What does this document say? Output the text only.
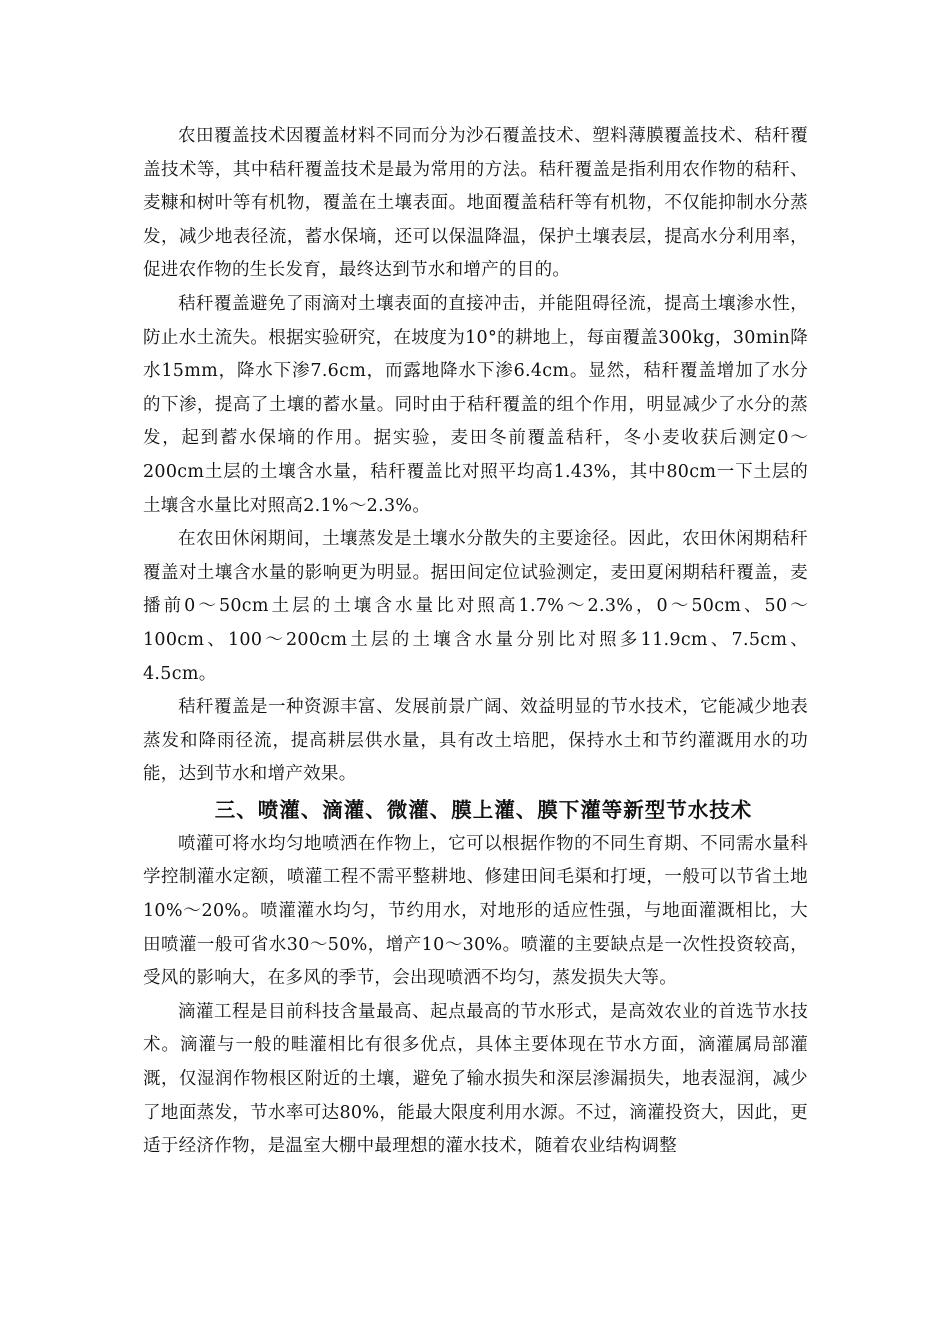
农田覆盖技术因覆盖材料不同而分为沙石覆盖技术、塑料薄膜覆盖技术、秸秆覆盖技术等，其中秸秆覆盖技术是最为常用的方法。秸秆覆盖是指利用农作物的秸秆、麦糠和树叶等有机物，覆盖在土壤表面。地面覆盖秸秆等有机物，不仅能抑制水分蒸发，减少地表径流，蓄水保墒，还可以保温降温，保护土壤表层，提高水分利用率，促进农作物的生长发育，最终达到节水和增产的目的。

秸秆覆盖避免了雨滴对土壤表面的直接冲击，并能阻碍径流，提高土壤渗水性，防止水土流失。根据实验研究，在坡度为10°的耕地上，每亩覆盖300kg，30min降水15mm，降水下渗7.6cm，而露地降水下渗6.4cm。显然，秸秆覆盖增加了水分的下渗，提高了土壤的蓄水量。同时由于秸秆覆盖的组个作用，明显减少了水分的蒸发，起到蓄水保墒的作用。据实验，麦田冬前覆盖秸秆，冬小麦收获后测定0～200cm土层的土壤含水量，秸秆覆盖比对照平均高1.43%，其中80cm一下土层的土壤含水量比对照高2.1%～2.3%。

在农田休闲期间，土壤蒸发是土壤水分散失的主要途径。因此，农田休闲期秸秆覆盖对土壤含水量的影响更为明显。据田间定位试验测定，麦田夏闲期秸秆覆盖，麦播前0～50cm土层的土壤含水量比对照高1.7%～2.3%，0～50cm、50～100cm、100～200cm土层的土壤含水量分别比对照多11.9cm、7.5cm、4.5cm。

秸秆覆盖是一种资源丰富、发展前景广阔、效益明显的节水技术，它能减少地表蒸发和降雨径流，提高耕层供水量，具有改土培肥，保持水土和节约灌溉用水的功能，达到节水和增产效果。

三、喷灌、滴灌、微灌、膜上灌、膜下灌等新型节水技术

喷灌可将水均匀地喷洒在作物上，它可以根据作物的不同生育期、不同需水量科学控制灌水定额，喷灌工程不需平整耕地、修建田间毛渠和打埂，一般可以节省土地10%～20%。喷灌灌水均匀，节约用水，对地形的适应性强，与地面灌溉相比，大田喷灌一般可省水30～50%，增产10～30%。喷灌的主要缺点是一次性投资较高，受风的影响大，在多风的季节，会出现喷洒不均匀，蒸发损失大等。

滴灌工程是目前科技含量最高、起点最高的节水形式，是高效农业的首选节水技术。滴灌与一般的畦灌相比有很多优点，具体主要体现在节水方面，滴灌属局部灌溉，仅湿润作物根区附近的土壤，避免了输水损失和深层渗漏损失，地表湿润，减少了地面蒸发，节水率可达80%，能最大限度利用水源。不过，滴灌投资大，因此，更适于经济作物，是温室大棚中最理想的灌水技术，随着农业结构调整
